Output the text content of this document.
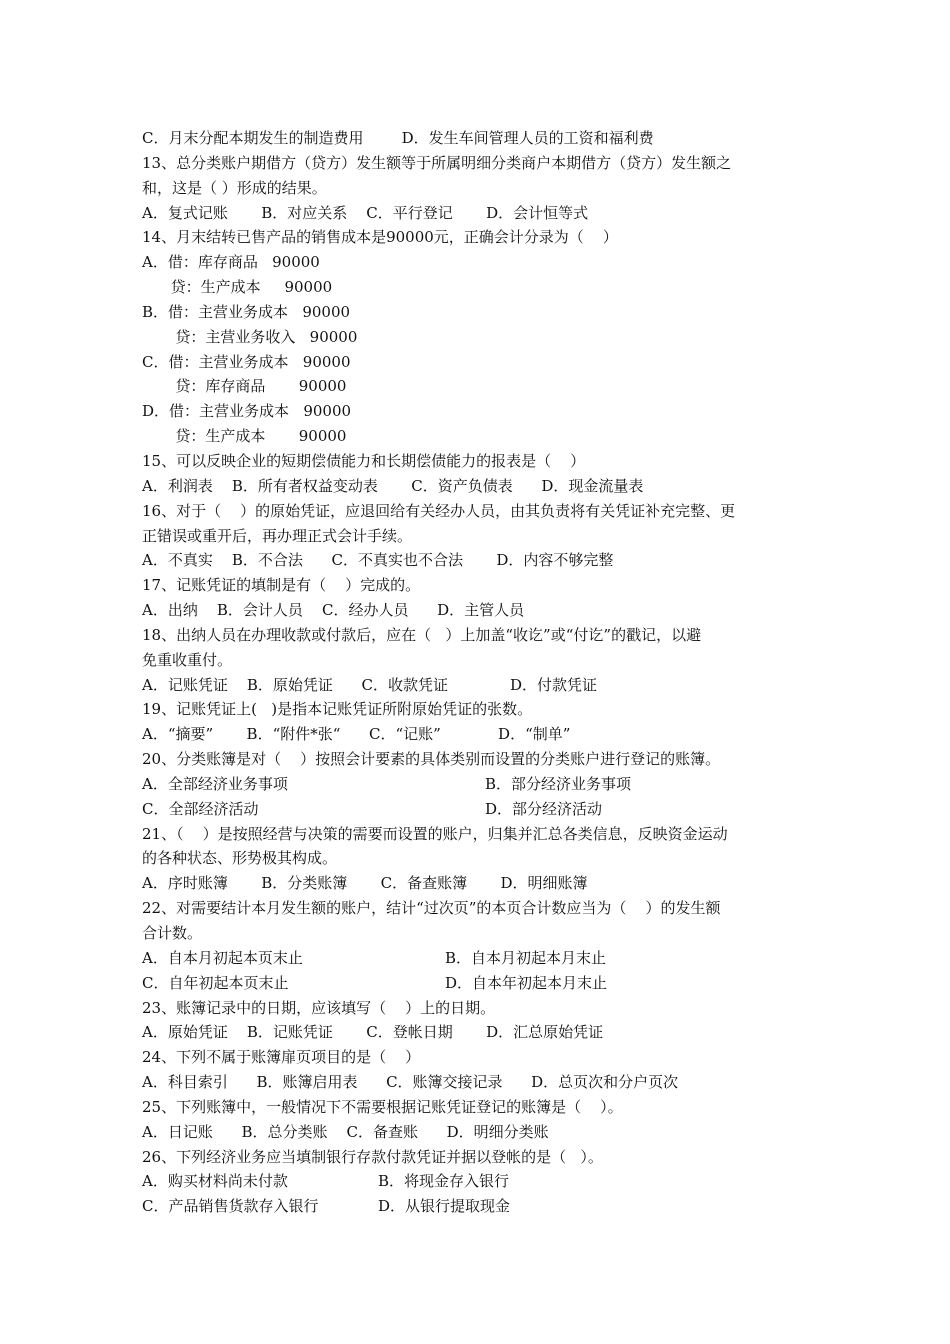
C．月末分配本期发生的制造费用        D．发生车间管理人员的工资和福利费
13、总分类账户期借方（贷方）发生额等于所属明细分类商户本期借方（贷方）发生额之
和，这是（ ）形成的结果。
A．复式记账       B．对应关系    C．平行登记       D．会计恒等式
14、月末结转已售产品的销售成本是90000元，正确会计分录为（    ）
A．借：库存商品   90000
贷：生产成本     90000
B．借：主营业务成本   90000
贷：主营业务收入   90000
C．借：主营业务成本   90000
贷：库存商品       90000
D．借：主营业务成本   90000
贷：生产成本       90000
15、可以反映企业的短期偿债能力和长期偿债能力的报表是（    ）
A．利润表    B．所有者权益变动表       C．资产负债表      D．现金流量表
16、对于（    ）的原始凭证，应退回给有关经办人员，由其负责将有关凭证补充完整、更
正错误或重开后，再办理正式会计手续。
A．不真实    B．不合法      C．不真实也不合法       D．内容不够完整
17、记账凭证的填制是有（    ）完成的。
A．出纳    B．会计人员    C．经办人员      D．主管人员
18、出纳人员在办理收款或付款后，应在（   ）上加盖“收讫”或“付讫”的戳记，以避
免重收重付。
A．记账凭证    B．原始凭证      C．收款凭证             D．付款凭证
19、记账凭证上(   )是指本记账凭证所附原始凭证的张数。
A．“摘要”       B．“附件*张“      C．“记账”            D．“制单”
20、分类账簿是对（    ）按照会计要素的具体类别而设置的分类账户进行登记的账簿。
A．全部经济业务事项	B．部分经济业务事项
C．全部经济活动	D．部分经济活动
21、（    ）是按照经营与决策的需要而设置的账户，归集并汇总各类信息，反映资金运动
的各种状态、形势极其构成。
A．序时账簿       B．分类账簿       C．备查账簿       D．明细账簿
22、对需要结计本月发生额的账户，结计“过次页”的本页合计数应当为（    ）的发生额
合计数。
A．自本月初起本页末止	B．自本月初起本月末止
C．自年初起本页末止	D．自本年初起本月末止
23、账簿记录中的日期，应该填写（    ）上的日期。
A．原始凭证    B．记账凭证       C．登帐日期       D．汇总原始凭证
24、下列不属于账簿扉页项目的是（    ）
A．科目索引      B．账簿启用表      C．账簿交接记录      D．总页次和分户页次
25、下列账簿中，一般情况下不需要根据记账凭证登记的账簿是（    ）。
A．日记账      B．总分类账    C．备查账      D．明细分类账
26、下列经济业务应当填制银行存款付款凭证并据以登帐的是（   ）。
A．购买材料尚未付款	B．将现金存入银行
C．产品销售货款存入银行	D．从银行提取现金
